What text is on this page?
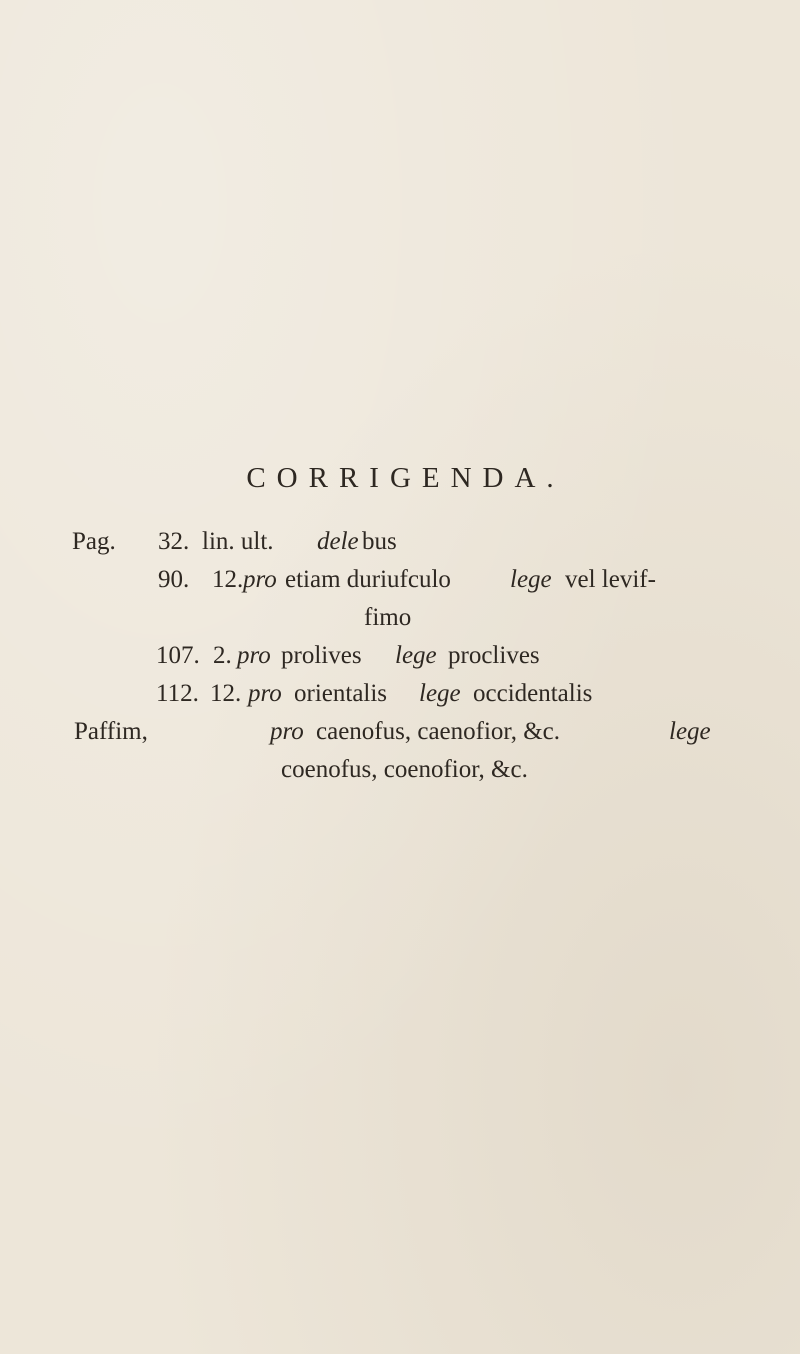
CORRIGENDA.
Pag. 32. lin. ult. dele bus
90. 12. pro etiam duriufculo lege vel levif-
fimo
107. 2. pro prolives lege proclives
112. 12. pro orientalis lege occidentalis
Paffim,	pro caenofus, caenofior, &c.	lege
coenofus, coenofior, &c.
